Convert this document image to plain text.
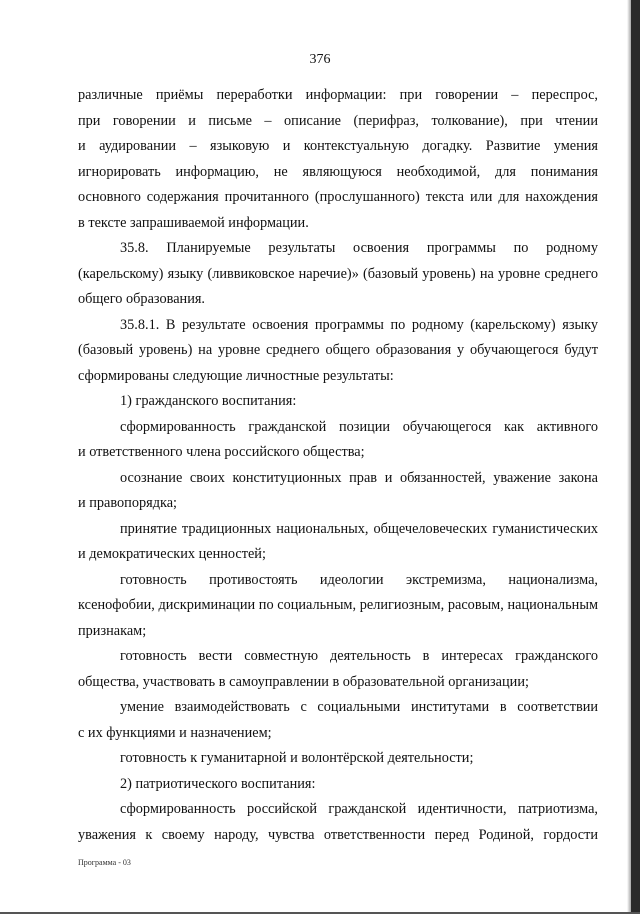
376
различные приёмы переработки информации: при говорении – переспрос,
при говорении и письме – описание (перифраз, толкование), при чтении
и аудировании – языковую и контекстуальную догадку. Развитие умения
игнорировать информацию, не являющуюся необходимой, для понимания
основного содержания прочитанного (прослушанного) текста или для нахождения
в тексте запрашиваемой информации.
35.8. Планируемые результаты освоения программы по родному
(карельскому) языку (ливвиковское наречие)» (базовый уровень) на уровне среднего
общего образования.
35.8.1. В результате освоения программы по родному (карельскому) языку
(базовый уровень) на уровне среднего общего образования у обучающегося будут
сформированы следующие личностные результаты:
1) гражданского воспитания:
сформированность гражданской позиции обучающегося как активного
и ответственного члена российского общества;
осознание своих конституционных прав и обязанностей, уважение закона
и правопорядка;
принятие традиционных национальных, общечеловеческих гуманистических
и демократических ценностей;
готовность противостоять идеологии экстремизма, национализма,
ксенофобии, дискриминации по социальным, религиозным, расовым, национальным
признакам;
готовность вести совместную деятельность в интересах гражданского
общества, участвовать в самоуправлении в образовательной организации;
умение взаимодействовать с социальными институтами в соответствии
с их функциями и назначением;
готовность к гуманитарной и волонтёрской деятельности;
2) патриотического воспитания:
сформированность российской гражданской идентичности, патриотизма,
уважения к своему народу, чувства ответственности перед Родиной, гордости
Программа - 03
